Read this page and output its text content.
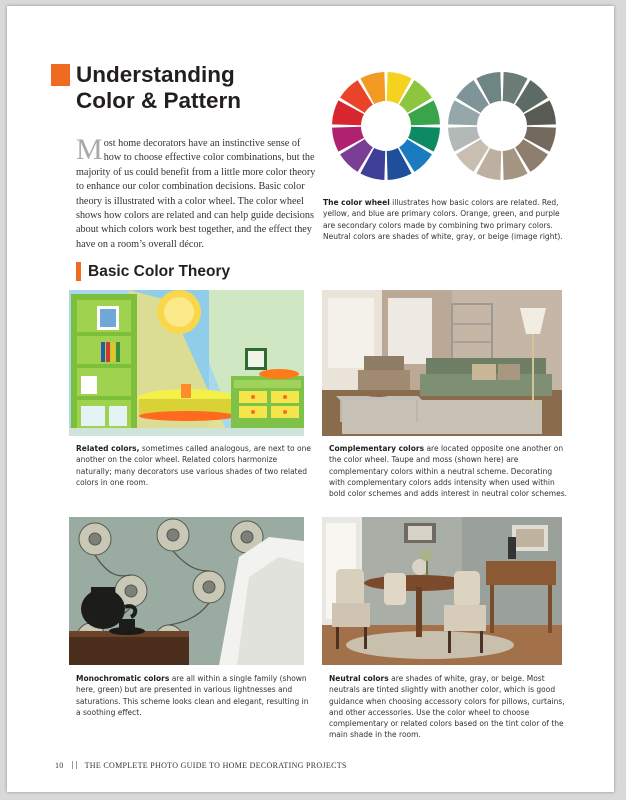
Understanding
Color & Pattern

Most home decorators have an instinctive sense of how to choose effective color combinations, but the majority of us could benefit from a little more color theory to enhance our color combination decisions. Basic color theory is illustrated with a color wheel. The color wheel shows how colors are related and can help guide decisions about which colors work best together, and the effect they have on a room’s overall décor.

The color wheel illustrates how basic colors are related. Red, yellow, and blue are primary colors. Orange, green, and purple are secondary colors made by combining two primary colors. Neutral colors are shades of white, gray, or beige (image right).

Basic Color Theory

Related colors, sometimes called analogous, are next to one another on the color wheel. Related colors harmonize naturally; many decorators use various shades of two related colors in one room.

Complementary colors are located opposite one another on the color wheel. Taupe and moss (shown here) are complementary colors within a neutral scheme. Decorating with complementary colors adds intensity when used within bold color schemes and adds interest in neutral color schemes.

Monochromatic colors are all within a single family (shown here, green) but are presented in various lightnesses and saturations. This scheme looks clean and elegant, resulting in a soothing effect.

Neutral colors are shades of white, gray, or beige. Most neutrals are tinted slightly with another color, which is good guidance when choosing accessory colors for pillows, curtains, and other accessories. Use the color wheel to choose complementary or related colors based on the tint color of the main shade in the room.

10	THE COMPLETE PHOTO GUIDE TO HOME DECORATING PROJECTS
